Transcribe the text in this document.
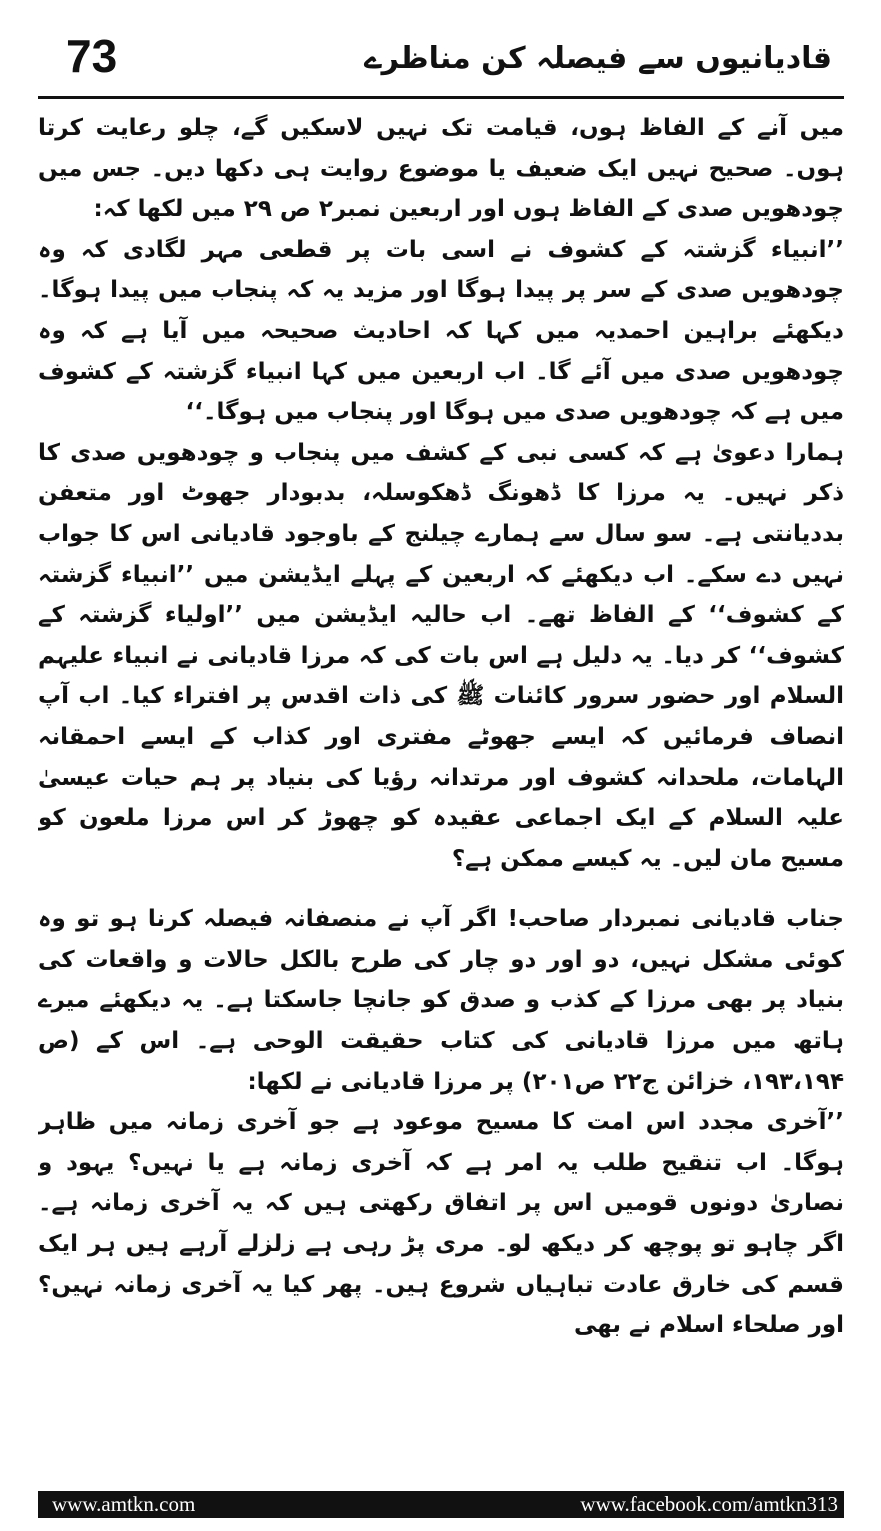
73	قادیانیوں سے فیصلہ کن مناظرے

میں آنے کے الفاظ ہوں، قیامت تک نہیں لاسکیں گے، چلو رعایت کرتا ہوں۔ صحیح نہیں ایک ضعیف یا موضوع روایت ہی دکھا دیں۔ جس میں چودھویں صدی کے الفاظ ہوں اور اربعین نمبر۲ ص ۲۹ میں لکھا کہ:

’’انبیاء گزشتہ کے کشوف نے اسی بات پر قطعی مہر لگادی کہ وہ چودھویں صدی کے سر پر پیدا ہوگا اور مزید یہ کہ پنجاب میں پیدا ہوگا۔ دیکھئے براہین احمدیہ میں کہا کہ احادیث صحیحہ میں آیا ہے کہ وہ چودھویں صدی میں آئے گا۔ اب اربعین میں کہا انبیاء گزشتہ کے کشوف میں ہے کہ چودھویں صدی میں ہوگا اور پنجاب میں ہوگا۔‘‘

ہمارا دعویٰ ہے کہ کسی نبی کے کشف میں پنجاب و چودھویں صدی کا ذکر نہیں۔ یہ مرزا کا ڈھونگ ڈھکوسلہ، بدبودار جھوٹ اور متعفن بددیانتی ہے۔ سو سال سے ہمارے چیلنج کے باوجود قادیانی اس کا جواب نہیں دے سکے۔ اب دیکھئے کہ اربعین کے پہلے ایڈیشن میں ’’انبیاء گزشتہ کے کشوف‘‘ کے الفاظ تھے۔ اب حالیہ ایڈیشن میں ’’اولیاء گزشتہ کے کشوف‘‘ کر دیا۔ یہ دلیل ہے اس بات کی کہ مرزا قادیانی نے انبیاء علیہم السلام اور حضور سرور کائنات ﷺ کی ذات اقدس پر افتراء کیا۔ اب آپ انصاف فرمائیں کہ ایسے جھوٹے مفتری اور کذاب کے ایسے احمقانہ الہامات، ملحدانہ کشوف اور مرتدانہ رؤیا کی بنیاد پر ہم حیات عیسیٰ علیہ السلام کے ایک اجماعی عقیدہ کو چھوڑ کر اس مرزا ملعون کو مسیح مان لیں۔ یہ کیسے ممکن ہے؟

جناب قادیانی نمبردار صاحب! اگر آپ نے منصفانہ فیصلہ کرنا ہو تو وہ کوئی مشکل نہیں، دو اور دو چار کی طرح بالکل حالات و واقعات کی بنیاد پر بھی مرزا کے کذب و صدق کو جانچا جاسکتا ہے۔ یہ دیکھئے میرے ہاتھ میں مرزا قادیانی کی کتاب حقیقت الوحی ہے۔ اس کے (ص ۱۹۳،۱۹۴، خزائن ج۲۲ ص۲۰۱) پر مرزا قادیانی نے لکھا:

’’آخری مجدد اس امت کا مسیح موعود ہے جو آخری زمانہ میں ظاہر ہوگا۔ اب تنقیح طلب یہ امر ہے کہ آخری زمانہ ہے یا نہیں؟ یہود و نصاریٰ دونوں قومیں اس پر اتفاق رکھتی ہیں کہ یہ آخری زمانہ ہے۔ اگر چاہو تو پوچھ کر دیکھ لو۔ مری پڑ رہی ہے زلزلے آرہے ہیں ہر ایک قسم کی خارق عادت تباہیاں شروع ہیں۔ پھر کیا یہ آخری زمانہ نہیں؟ اور صلحاء اسلام نے بھی

www.amtkn.com	www.facebook.com/amtkn313
